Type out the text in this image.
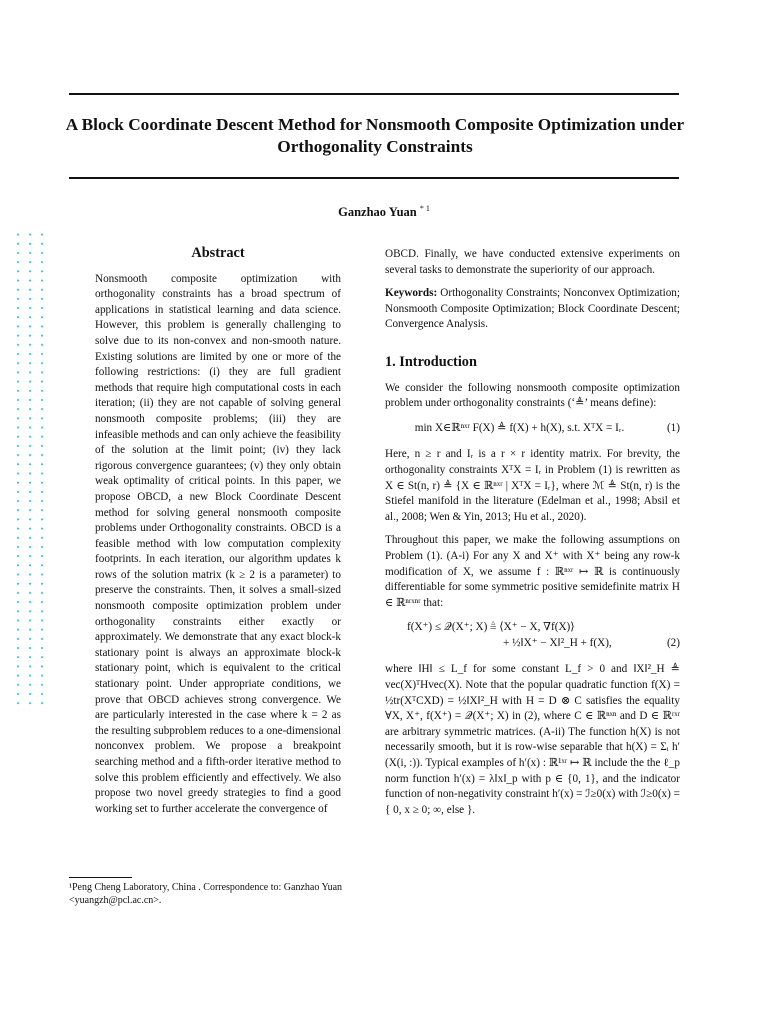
A Block Coordinate Descent Method for Nonsmooth Composite Optimization under Orthogonality Constraints
Ganzhao Yuan $^{* 1}$
Abstract

Nonsmooth composite optimization with orthogonality constraints has a broad spectrum of applications in statistical learning and data science. However, this problem is generally challenging to solve due to its non-convex and non-smooth nature. Existing solutions are limited by one or more of the following restrictions: (i) they are full gradient methods that require high computational costs in each iteration; (ii) they are not capable of solving general nonsmooth composite problems; (iii) they are infeasible methods and can only achieve the feasibility of the solution at the limit point; (iv) they lack rigorous convergence guarantees; (v) they only obtain weak optimality of critical points. In this paper, we propose OBCD, a new Block Coordinate Descent method for solving general nonsmooth composite problems under Orthogonality constraints. OBCD is a feasible method with low computation complexity footprints. In each iteration, our algorithm updates k rows of the solution matrix (k ≥ 2 is a parameter) to preserve the constraints. Then, it solves a small-sized nonsmooth composite optimization problem under orthogonality constraints either exactly or approximately. We demonstrate that any exact block-k stationary point is always an approximate block-k stationary point, which is equivalent to the critical stationary point. Under appropriate conditions, we prove that OBCD achieves strong convergence. We are particularly interested in the case where k = 2 as the resulting subproblem reduces to a one-dimensional nonconvex problem. We propose a breakpoint searching method and a fifth-order iterative method to solve this problem efficiently and effectively. We also propose two novel greedy strategies to find a good working set to further accelerate the convergence of

OBCD. Finally, we have conducted extensive experiments on several tasks to demonstrate the superiority of our approach.

Keywords: Orthogonality Constraints; Nonconvex Optimization; Nonsmooth Composite Optimization; Block Coordinate Descent; Convergence Analysis.

1. Introduction

We consider the following nonsmooth composite optimization problem under orthogonality constraints (‘≜’ means define):

min X∈ℝⁿˣʳ F(X) ≜ f(X) + h(X), s.t. XᵀX = Iᵣ.	(1)

Here, n ≥ r and Iᵣ is a r × r identity matrix. For brevity, the orthogonality constraints XᵀX = Iᵣ in Problem (1) is rewritten as X ∈ St(n, r) ≜ {X ∈ ℝⁿˣʳ | XᵀX = Iᵣ}, where ℳ ≜ St(n, r) is the Stiefel manifold in the literature (Edelman et al., 1998; Absil et al., 2008; Wen & Yin, 2013; Hu et al., 2020).

Throughout this paper, we make the following assumptions on Problem (1). (A-i) For any X and X⁺ with X⁺ being any row-k modification of X, we assume f : ℝⁿˣʳ ↦ ℝ is continuously differentiable for some symmetric positive semidefinite matrix H ∈ ℝⁿʳˣⁿʳ that:

f(X⁺) ≤ 𝒬(X⁺; X) ≜ ⟨X⁺ − X, ∇f(X)⟩
+ ½‖X⁺ − X‖²_H + f(X),	(2)

where ‖H‖ ≤ L_f for some constant L_f > 0 and ‖X‖²_H ≜ vec(X)ᵀHvec(X). Note that the popular quadratic function f(X) = ½tr(XᵀCXD) = ½‖X‖²_H with H = D ⊗ C satisfies the equality ∀X, X⁺, f(X⁺) = 𝒬(X⁺; X) in (2), where C ∈ ℝⁿˣⁿ and D ∈ ℝʳˣʳ are arbitrary symmetric matrices. (A-ii) The function h(X) is not necessarily smooth, but it is row-wise separable that h(X) = Σᵢ h′(X(i, :)). Typical examples of h′(x) : ℝ¹ˣʳ ↦ ℝ include the the ℓ_p norm function h′(x) = λ‖x‖_p with p ∈ {0, 1}, and the indicator function of non-negativity constraint h′(x) = ℐ≥0(x) with ℐ≥0(x) = { 0, x ≥ 0; ∞, else }.

¹Peng Cheng Laboratory, China . Correspondence to: Ganzhao Yuan <yuangzh@pcl.ac.cn>.
